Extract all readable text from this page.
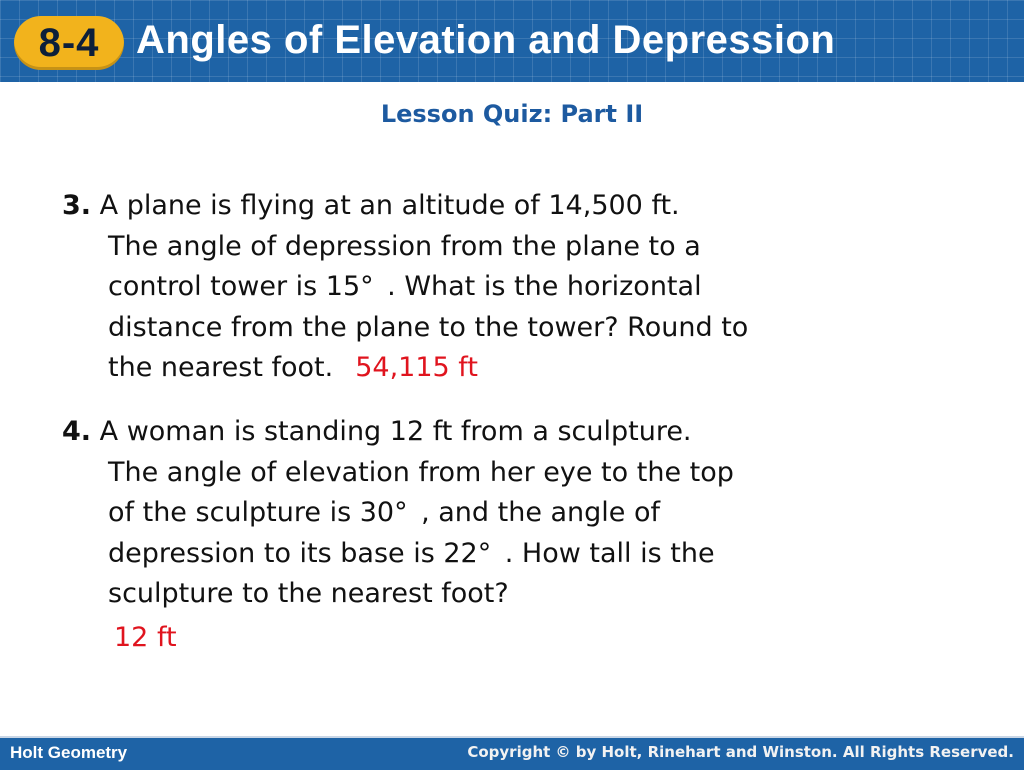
8-4 Angles of Elevation and Depression
Lesson Quiz: Part II
3. A plane is flying at an altitude of 14,500 ft.
The angle of depression from the plane to a
control tower is 15° . What is the horizontal
distance from the plane to the tower? Round to
the nearest foot. 54,115 ft
4. A woman is standing 12 ft from a sculpture.
The angle of elevation from her eye to the top
of the sculpture is 30° , and the angle of
depression to its base is 22° . How tall is the
sculpture to the nearest foot?
12 ft
Holt Geometry	Copyright © by Holt, Rinehart and Winston. All Rights Reserved.
